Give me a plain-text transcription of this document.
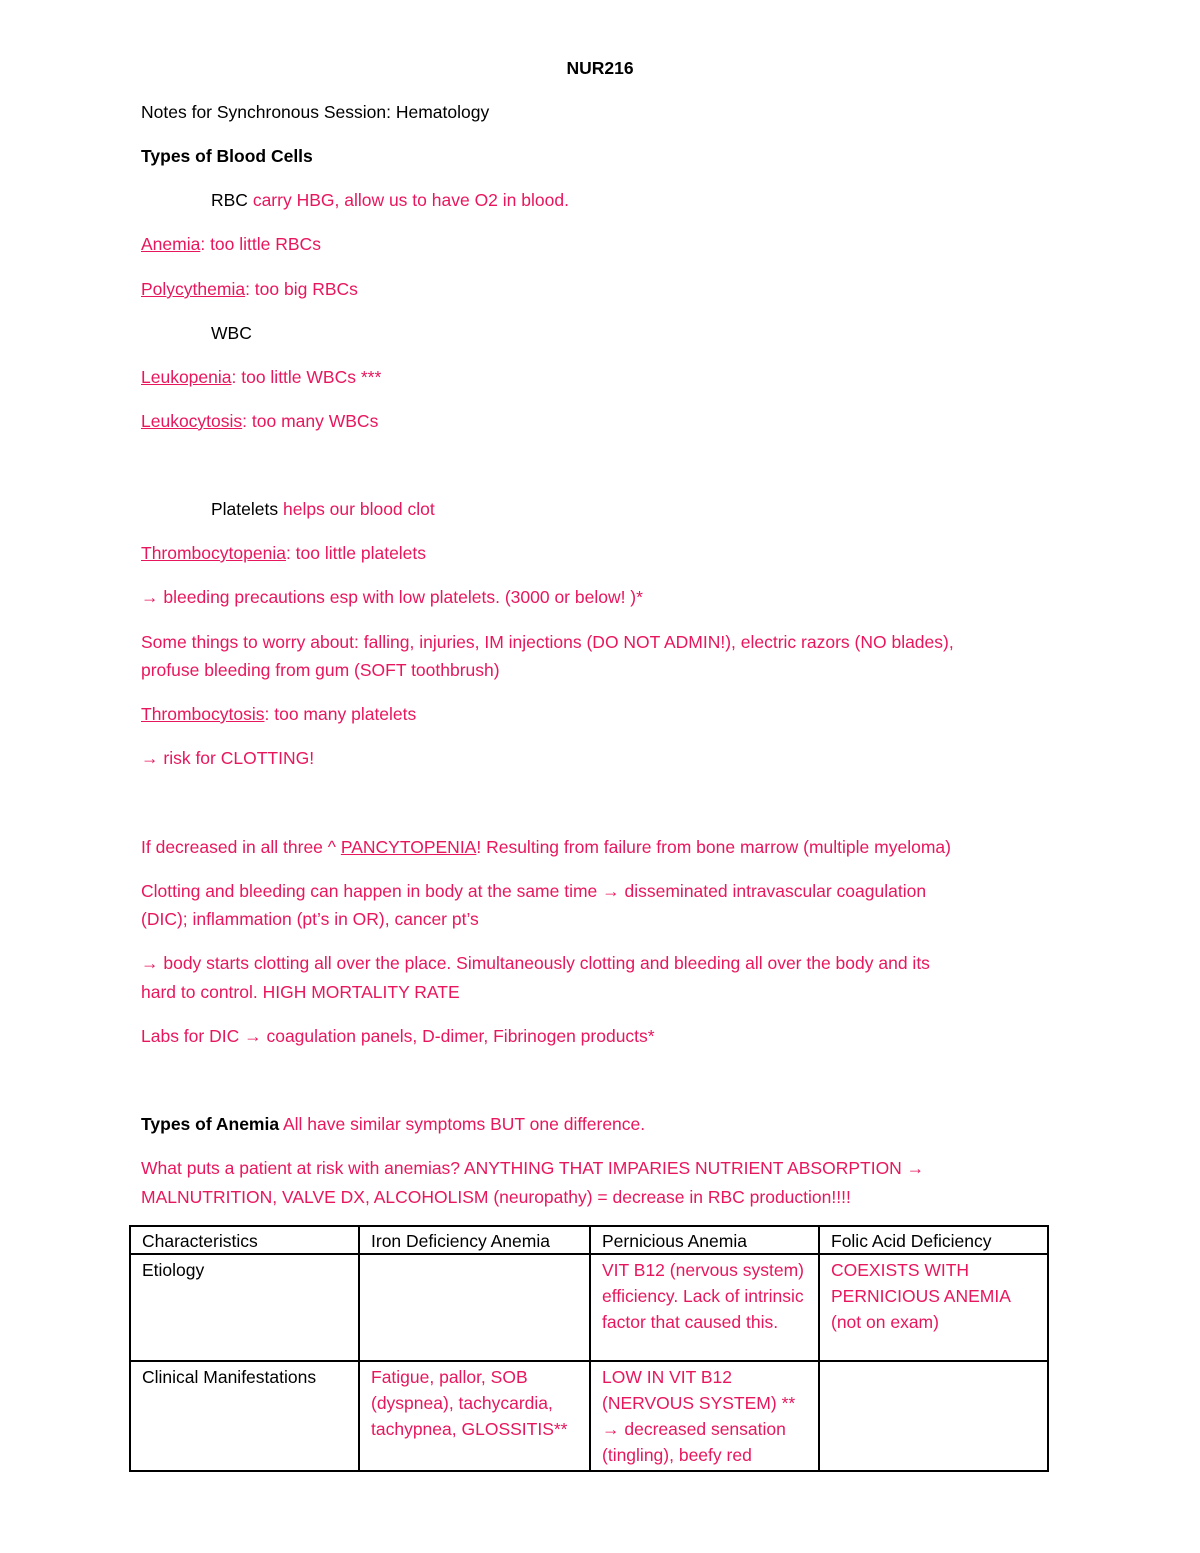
NUR216
Notes for Synchronous Session: Hematology
Types of Blood Cells
RBC carry HBG, allow us to have O2 in blood.
Anemia: too little RBCs
Polycythemia: too big RBCs
WBC
Leukopenia: too little WBCs ***
Leukocytosis: too many WBCs
Platelets helps our blood clot
Thrombocytopenia: too little platelets
→ bleeding precautions esp with low platelets. (3000 or below! )*
Some things to worry about: falling, injuries, IM injections (DO NOT ADMIN!), electric razors (NO blades),
profuse bleeding from gum (SOFT toothbrush)
Thrombocytosis: too many platelets
→ risk for CLOTTING!
If decreased in all three ^ PANCYTOPENIA! Resulting from failure from bone marrow (multiple myeloma)
Clotting and bleeding can happen in body at the same time → disseminated intravascular coagulation
(DIC); inflammation (pt’s in OR), cancer pt’s
→ body starts clotting all over the place. Simultaneously clotting and bleeding all over the body and its
hard to control. HIGH MORTALITY RATE
Labs for DIC → coagulation panels, D-dimer, Fibrinogen products*
Types of Anemia All have similar symptoms BUT one difference.
What puts a patient at risk with anemias? ANYTHING THAT IMPARIES NUTRIENT ABSORPTION →
MALNUTRITION, VALVE DX, ALCOHOLISM (neuropathy) = decrease in RBC production!!!!
Characteristics	Iron Deficiency Anemia	Pernicious Anemia	Folic Acid Deficiency
Etiology		VIT B12 (nervous system) efficiency. Lack of intrinsic factor that caused this.	COEXISTS WITH PERNICIOUS ANEMIA (not on exam)
Clinical Manifestations	Fatigue, pallor, SOB (dyspnea), tachycardia, tachypnea, GLOSSITIS**	LOW IN VIT B12 (NERVOUS SYSTEM) ** → decreased sensation (tingling), beefy red	
